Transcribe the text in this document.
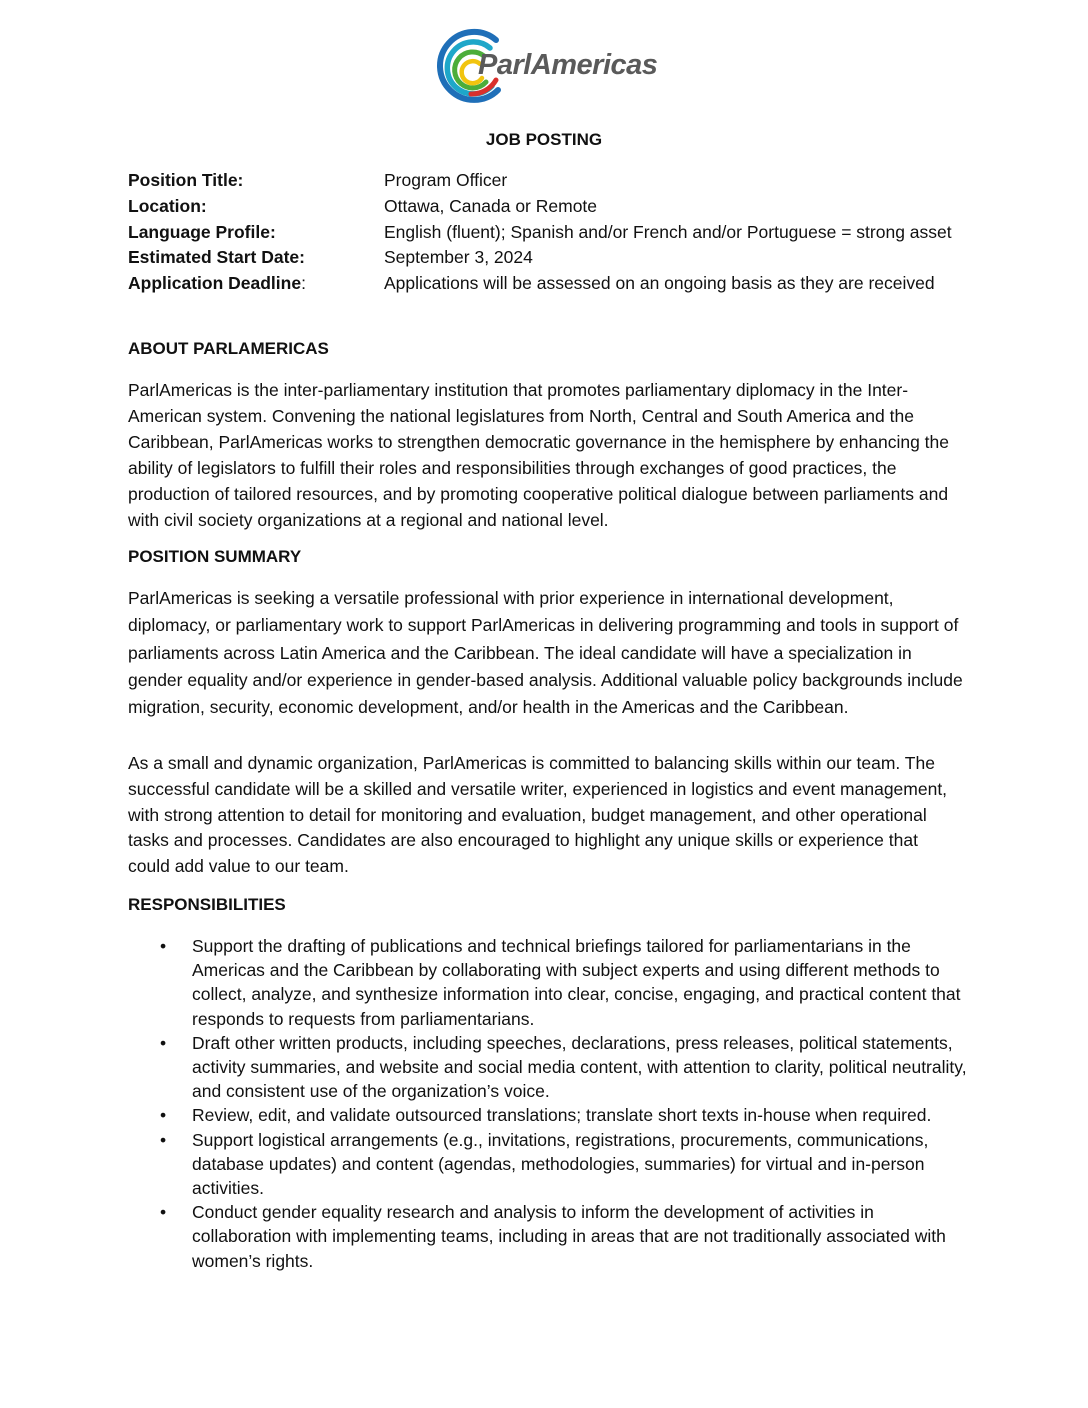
ParlAmericas
JOB POSTING
Position Title:	Program Officer
Location:	Ottawa, Canada or Remote
Language Profile:	English (fluent); Spanish and/or French and/or Portuguese = strong asset
Estimated Start Date:	September 3, 2024
Application Deadline:	Applications will be assessed on an ongoing basis as they are received
ABOUT PARLAMERICAS

ParlAmericas is the inter-parliamentary institution that promotes parliamentary diplomacy in the Inter-American system. Convening the national legislatures from North, Central and South America and the Caribbean, ParlAmericas works to strengthen democratic governance in the hemisphere by enhancing the ability of legislators to fulfill their roles and responsibilities through exchanges of good practices, the production of tailored resources, and by promoting cooperative political dialogue between parliaments and with civil society organizations at a regional and national level.

POSITION SUMMARY

ParlAmericas is seeking a versatile professional with prior experience in international development, diplomacy, or parliamentary work to support ParlAmericas in delivering programming and tools in support of parliaments across Latin America and the Caribbean. The ideal candidate will have a specialization in gender equality and/or experience in gender-based analysis. Additional valuable policy backgrounds include migration, security, economic development, and/or health in the Americas and the Caribbean.

As a small and dynamic organization, ParlAmericas is committed to balancing skills within our team. The successful candidate will be a skilled and versatile writer, experienced in logistics and event management, with strong attention to detail for monitoring and evaluation, budget management, and other operational tasks and processes. Candidates are also encouraged to highlight any unique skills or experience that could add value to our team.

RESPONSIBILITIES
• Support the drafting of publications and technical briefings tailored for parliamentarians in the Americas and the Caribbean by collaborating with subject experts and using different methods to collect, analyze, and synthesize information into clear, concise, engaging, and practical content that responds to requests from parliamentarians.
• Draft other written products, including speeches, declarations, press releases, political statements, activity summaries, and website and social media content, with attention to clarity, political neutrality, and consistent use of the organization’s voice.
• Review, edit, and validate outsourced translations; translate short texts in-house when required.
• Support logistical arrangements (e.g., invitations, registrations, procurements, communications, database updates) and content (agendas, methodologies, summaries) for virtual and in-person activities.
• Conduct gender equality research and analysis to inform the development of activities in collaboration with implementing teams, including in areas that are not traditionally associated with women’s rights.
